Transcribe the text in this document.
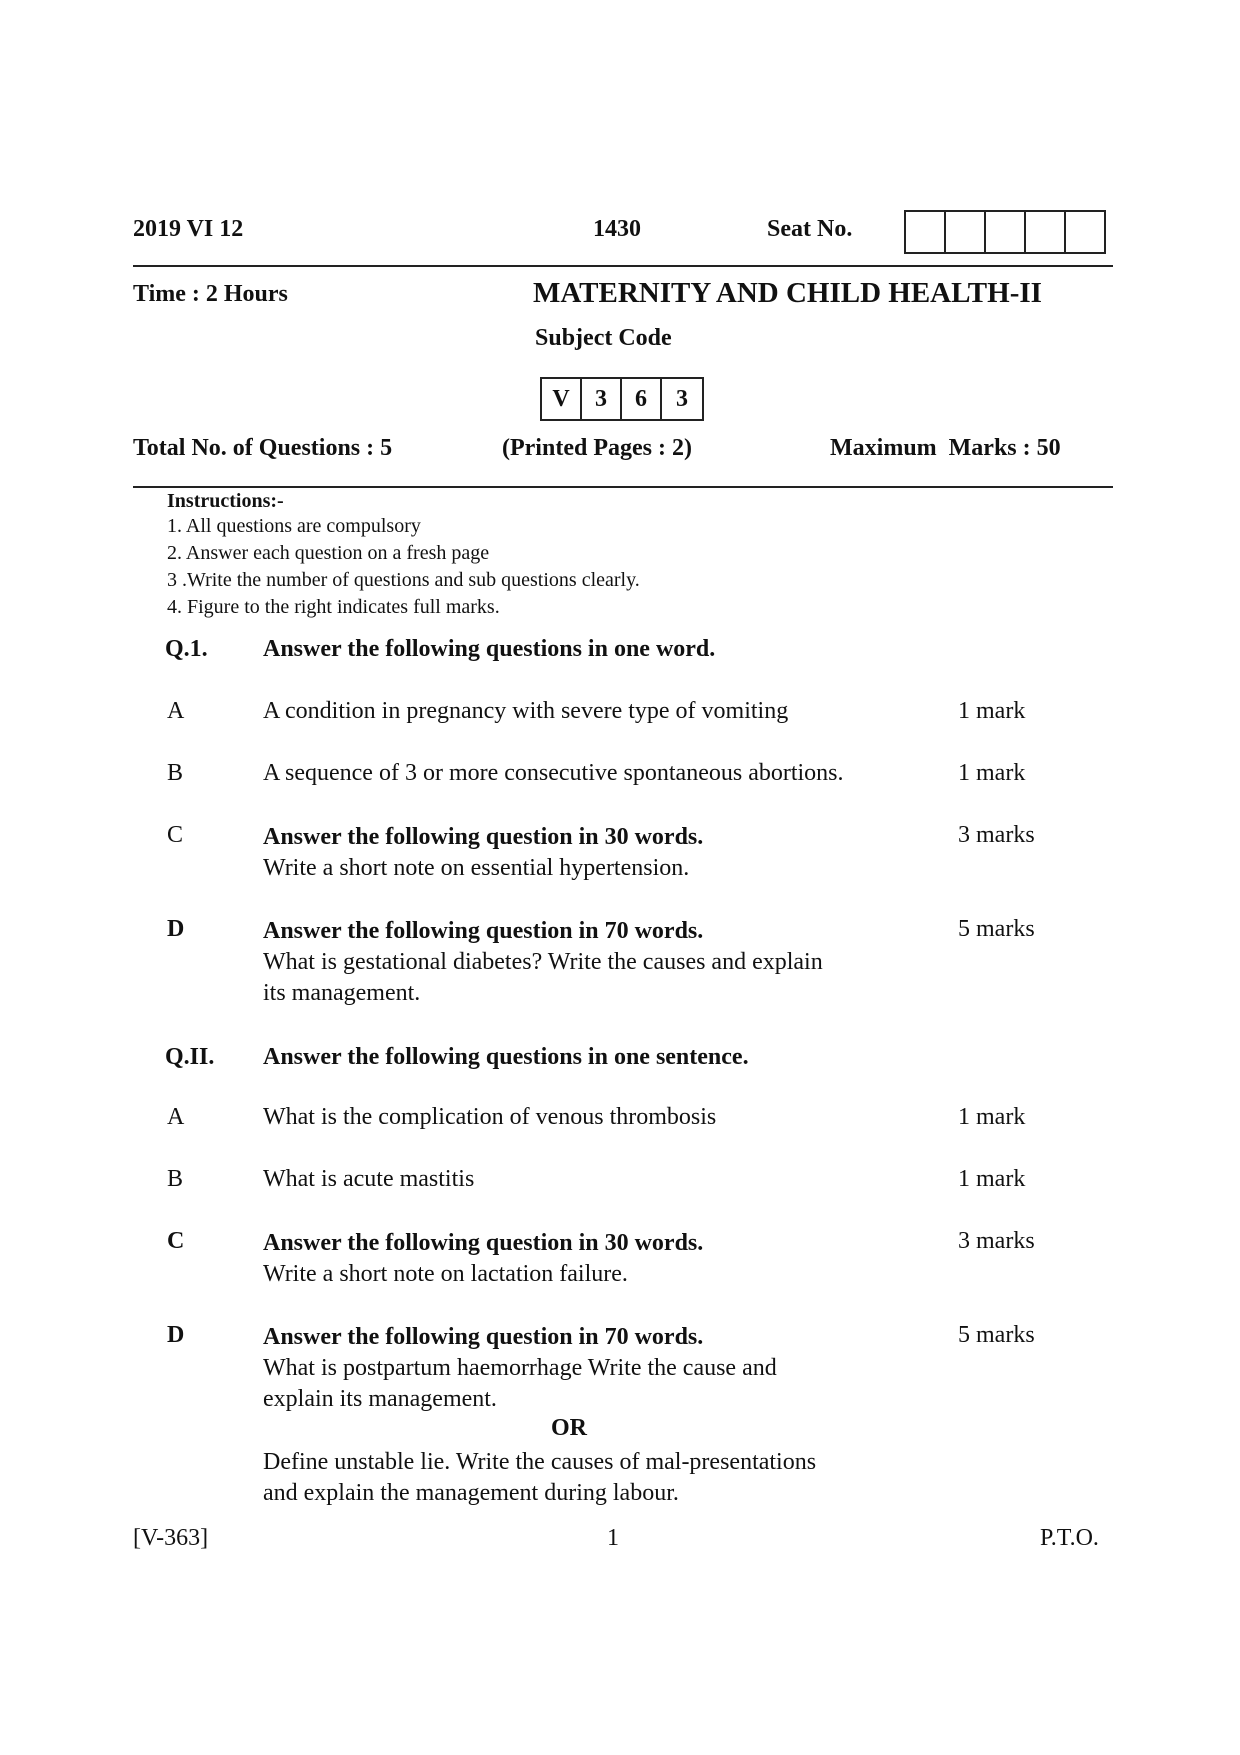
2019 VI 12	1430	Seat No.
Time : 2 Hours	MATERNITY AND CHILD HEALTH-II
Subject Code
V	3	6	3
Total No. of Questions : 5	(Printed Pages : 2)	Maximum  Marks : 50
Instructions:-
1. All questions are compulsory
2. Answer each question on a fresh page
3 .Write the number of questions and sub questions clearly.
4. Figure to the right indicates full marks.
Q.1. Answer the following questions in one word.
A	A condition in pregnancy with severe type of vomiting	1 mark
B	A sequence of 3 or more consecutive spontaneous abortions.	1 mark
C	Answer the following question in 30 words.	3 marks
Write a short note on essential hypertension.
D	Answer the following question in 70 words.	5 marks
What is gestational diabetes? Write the causes and explain
its management.
Q.II. Answer the following questions in one sentence.
A	What is the complication of venous thrombosis	1 mark
B	What is acute mastitis	1 mark
C	Answer the following question in 30 words.	3 marks
Write a short note on lactation failure.
D	Answer the following question in 70 words.	5 marks
What is postpartum haemorrhage Write the cause and
explain its management.
OR
Define unstable lie. Write the causes of mal-presentations
and explain the management during labour.
[V-363]	1	P.T.O.
